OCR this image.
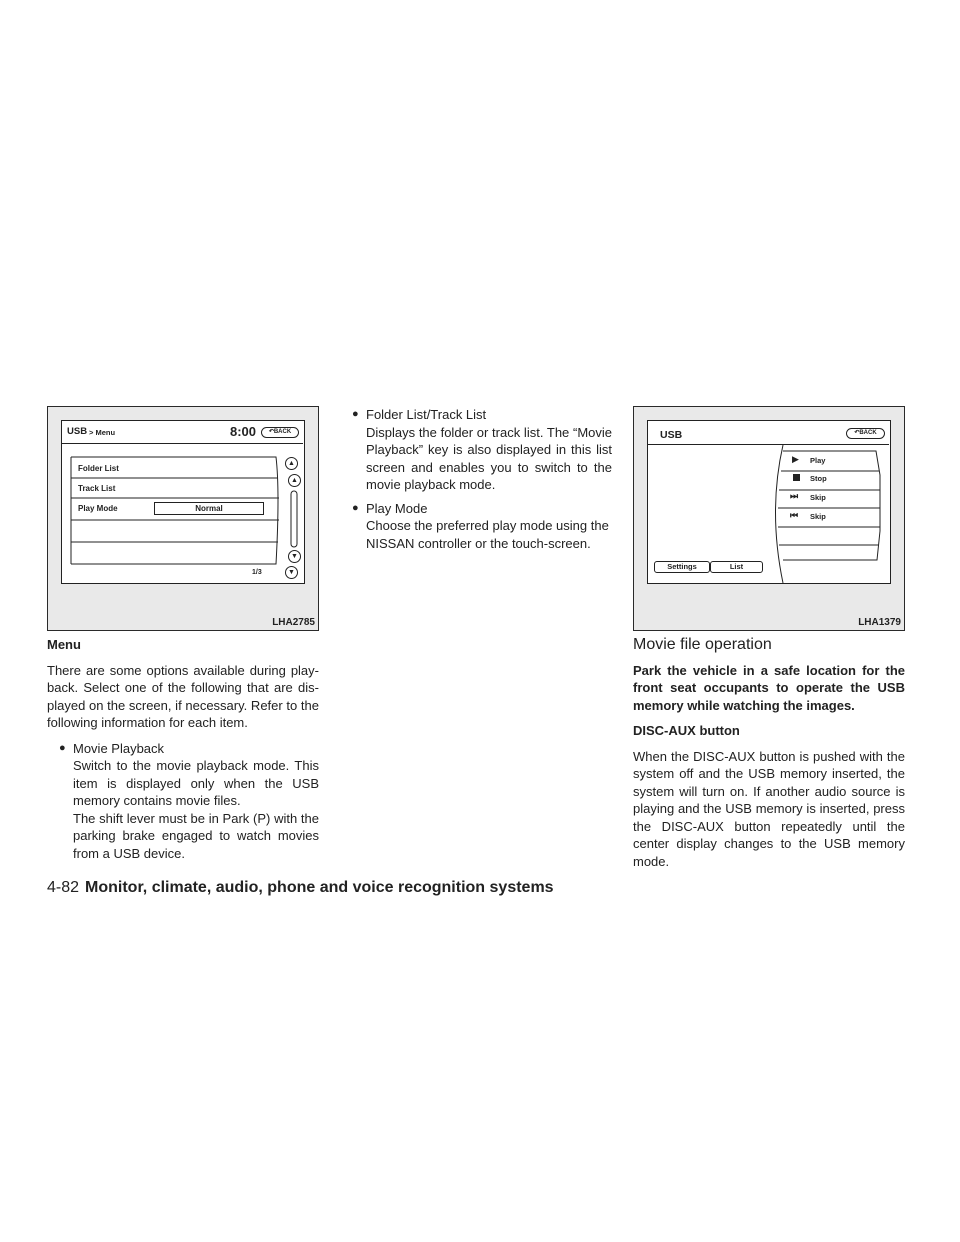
USB > Menu	8:00	↶BACK
▲
▲
▼
▼
Folder List
Track List
Play Mode	Normal
1/3
LHA2785
USB	↶BACK
▶ Play
Stop
⏭ Skip
⏮ Skip
Settings	List
LHA1379

Menu

There are some options available during play-back. Select one of the following that are dis-played on the screen, if necessary. Refer to the following information for each item.

● Movie Playback

Switch to the movie playback mode. This item is displayed only when the USB memory contains movie files.

The shift lever must be in Park (P) with the parking brake engaged to watch movies from a USB device.

● Folder List/Track List

Displays the folder or track list. The “Movie Playback” key is also displayed in this list screen and enables you to switch to the movie playback mode.

● Play Mode

Choose the preferred play mode using the NISSAN controller or the touch-screen.

Movie file operation

Park the vehicle in a safe location for the front seat occupants to operate the USB memory while watching the images.

DISC-AUX button

When the DISC-AUX button is pushed with the system off and the USB memory inserted, the system will turn on. If another audio source is playing and the USB memory is inserted, press the DISC-AUX button repeatedly until the center display changes to the USB memory mode.

4-82 Monitor, climate, audio, phone and voice recognition systems
